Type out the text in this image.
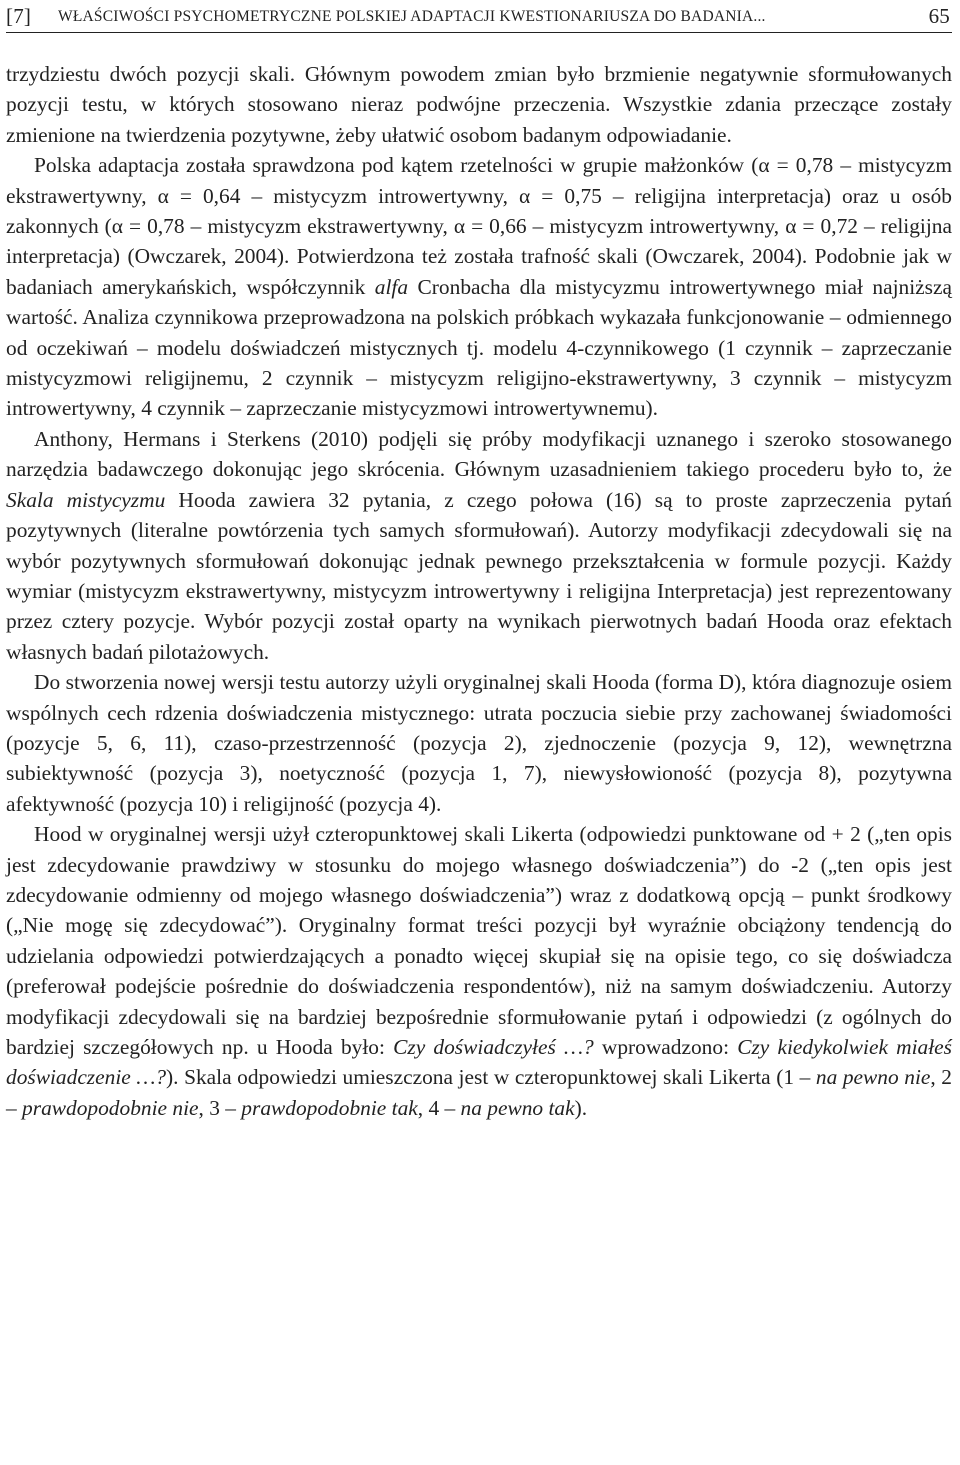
[7] WŁAŚCIWOŚCI PSYCHOMETRYCZNE POLSKIEJ ADAPTACJI KWESTIONARIUSZA DO BADANIA...	65

trzydziestu dwóch pozycji skali. Głównym powodem zmian było brzmienie negatywnie sformułowanych pozycji testu, w których stosowano nieraz podwójne przeczenia. Wszystkie zdania przeczące zostały zmienione na twierdzenia pozytywne, żeby ułatwić osobom badanym odpowiadanie.

Polska adaptacja została sprawdzona pod kątem rzetelności w grupie małżonków (α = 0,78 – mistycyzm ekstrawertywny, α = 0,64 – mistycyzm introwertywny, α = 0,75 – religijna interpretacja) oraz u osób zakonnych (α = 0,78 – mistycyzm ekstrawertywny, α = 0,66 – mistycyzm introwertywny, α = 0,72 – religijna interpretacja) (Owczarek, 2004). Potwierdzona też została trafność skali (Owczarek, 2004). Podobnie jak w badaniach amerykańskich, współczynnik alfa Cronbacha dla mistycyzmu introwertywnego miał najniższą wartość. Analiza czynnikowa przeprowadzona na polskich próbkach wykazała funkcjonowanie – odmiennego od oczekiwań – modelu doświadczeń mistycznych tj. modelu 4-czynnikowego (1 czynnik – zaprzeczanie mistycyzmowi religijnemu, 2 czynnik – mistycyzm religijno-ekstrawertywny, 3 czynnik – mistycyzm introwertywny, 4 czynnik – zaprzeczanie mistycyzmowi introwertywnemu).

Anthony, Hermans i Sterkens (2010) podjęli się próby modyfikacji uznanego i szeroko stosowanego narzędzia badawczego dokonując jego skrócenia. Głównym uzasadnieniem takiego procederu było to, że Skala mistycyzmu Hooda zawiera 32 pytania, z czego połowa (16) są to proste zaprzeczenia pytań pozytywnych (literalne powtórzenia tych samych sformułowań). Autorzy modyfikacji zdecydowali się na wybór pozytywnych sformułowań dokonując jednak pewnego przekształcenia w formule pozycji. Każdy wymiar (mistycyzm ekstrawertywny, mistycyzm introwertywny i religijna Interpretacja) jest reprezentowany przez cztery pozycje. Wybór pozycji został oparty na wynikach pierwotnych badań Hooda oraz efektach własnych badań pilotażowych.

Do stworzenia nowej wersji testu autorzy użyli oryginalnej skali Hooda (forma D), która diagnozuje osiem wspólnych cech rdzenia doświadczenia mistycznego: utrata poczucia siebie przy zachowanej świadomości (pozycje 5, 6, 11), czaso-przestrzenność (pozycja 2), zjednoczenie (pozycja 9, 12), wewnętrzna subiektywność (pozycja 3), noetyczność (pozycja 1, 7), niewysłowioność (pozycja 8), pozytywna afektywność (pozycja 10) i religijność (pozycja 4).

Hood w oryginalnej wersji użył czteropunktowej skali Likerta (odpowiedzi punktowane od + 2 („ten opis jest zdecydowanie prawdziwy w stosunku do mojego własnego doświadczenia”) do -2 („ten opis jest zdecydowanie odmienny od mojego własnego doświadczenia”) wraz z dodatkową opcją – punkt środkowy („Nie mogę się zdecydować”). Oryginalny format treści pozycji był wyraźnie obciążony tendencją do udzielania odpowiedzi potwierdzających a ponadto więcej skupiał się na opisie tego, co się doświadcza (preferował podejście pośrednie do doświadczenia respondentów), niż na samym doświadczeniu. Autorzy modyfikacji zdecydowali się na bardziej bezpośrednie sformułowanie pytań i odpowiedzi (z ogólnych do bardziej szczegółowych np. u Hooda było: Czy doświadczyłeś …? wprowadzono: Czy kiedykolwiek miałeś doświadczenie …?). Skala odpowiedzi umieszczona jest w czteropunktowej skali Likerta (1 – na pewno nie, 2 – prawdopodobnie nie, 3 – prawdopodobnie tak, 4 – na pewno tak).
